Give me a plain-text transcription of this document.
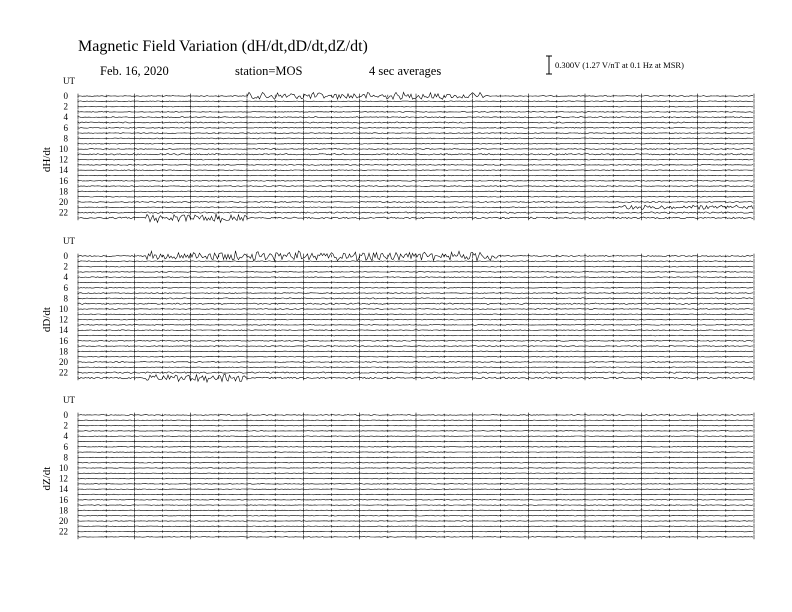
Magnetic Field Variation (dH/dt,dD/dt,dZ/dt)
Feb. 16, 2020	station=MOS	4 sec averages	0.300V (1.27 V/nT at 0.1 Hz at MSR)
UT
dH/dt
0
2
4
6
8
10
12
14
16
18
20
22
UT
dD/dt
0
2
4
6
8
10
12
14
16
18
20
22
UT
dZ/dt
0
2
4
6
8
10
12
14
16
18
20
22
